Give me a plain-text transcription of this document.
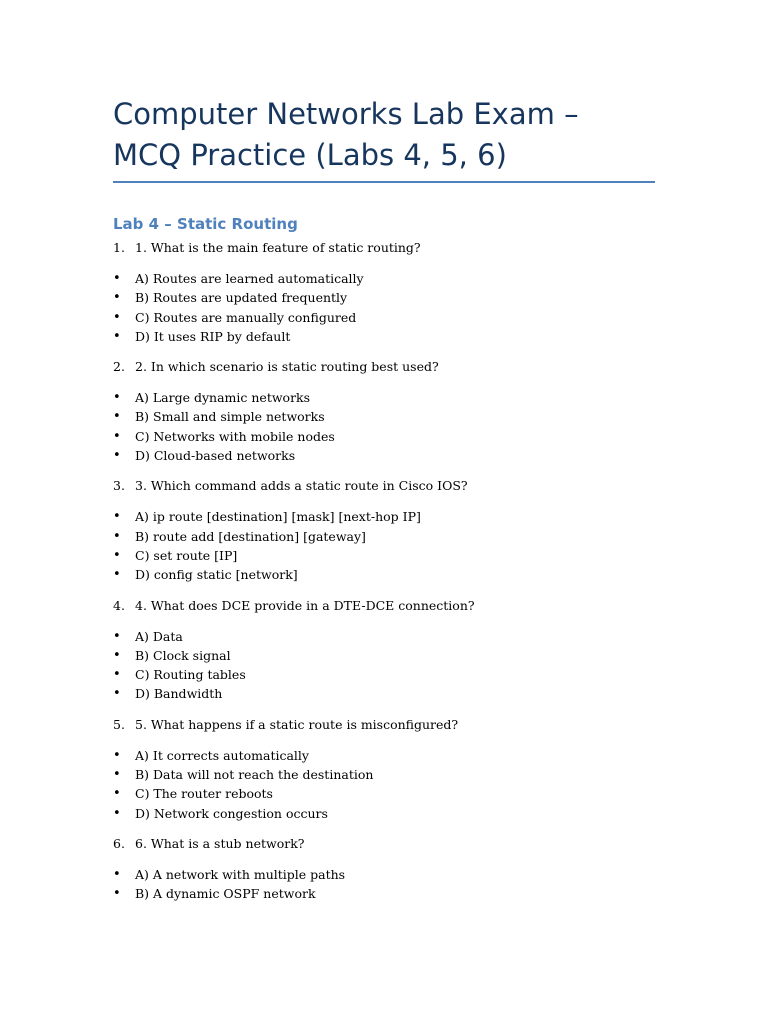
Computer Networks Lab Exam – MCQ Practice (Labs 4, 5, 6)
Lab 4 – Static Routing
1. 1. What is the main feature of static routing?
•	A) Routes are learned automatically
•	B) Routes are updated frequently
•	C) Routes are manually configured
•	D) It uses RIP by default
2. 2. In which scenario is static routing best used?
•	A) Large dynamic networks
•	B) Small and simple networks
•	C) Networks with mobile nodes
•	D) Cloud-based networks
3. 3. Which command adds a static route in Cisco IOS?
•	A) ip route [destination] [mask] [next-hop IP]
•	B) route add [destination] [gateway]
•	C) set route [IP]
•	D) config static [network]
4. 4. What does DCE provide in a DTE-DCE connection?
•	A) Data
•	B) Clock signal
•	C) Routing tables
•	D) Bandwidth
5. 5. What happens if a static route is misconfigured?
•	A) It corrects automatically
•	B) Data will not reach the destination
•	C) The router reboots
•	D) Network congestion occurs
6. 6. What is a stub network?
•	A) A network with multiple paths
•	B) A dynamic OSPF network
